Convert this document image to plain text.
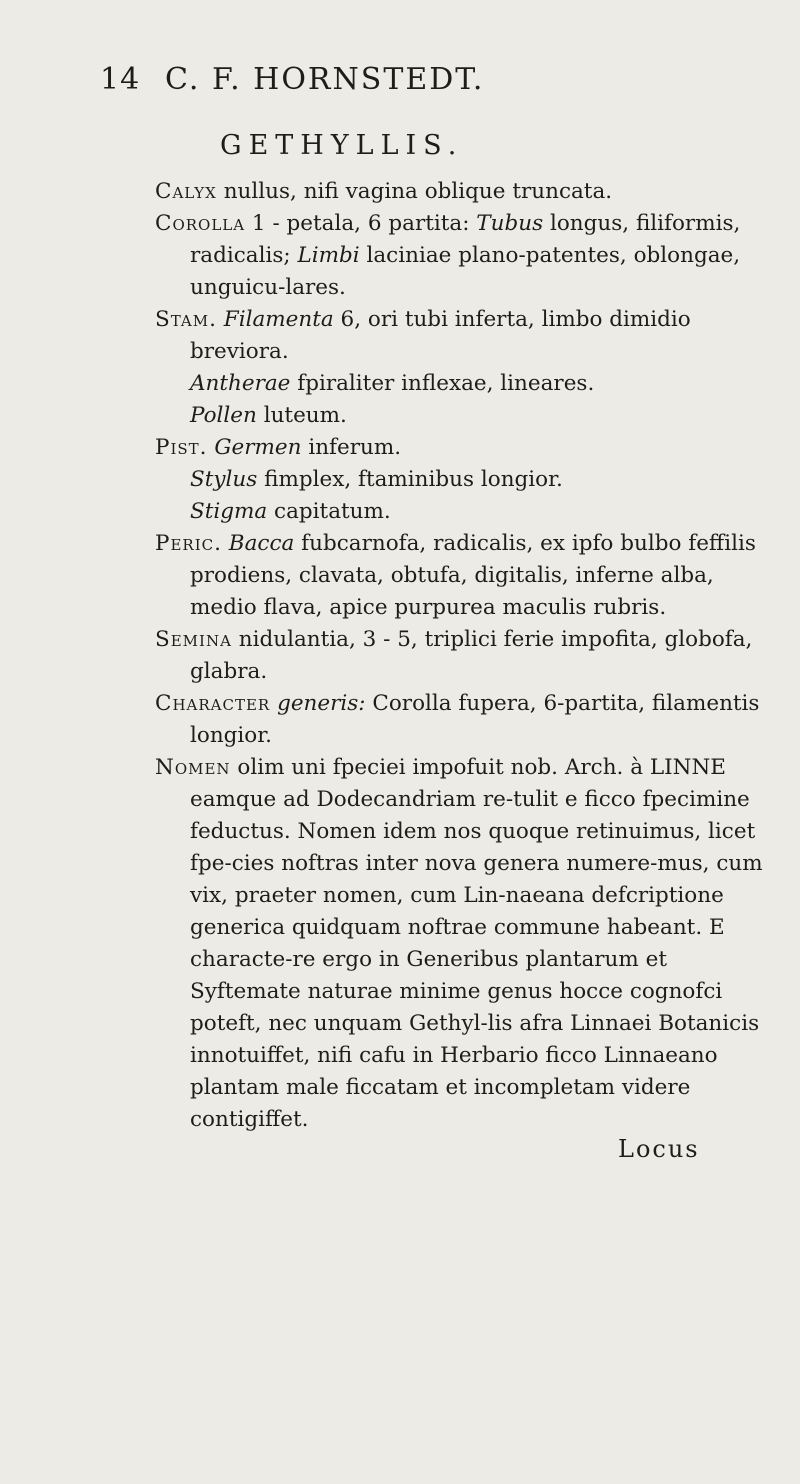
14 C. F. HORNSTEDT.
GETHYLLIS.

Calyx nullus, nifi vagina oblique truncata.

Corolla 1 - petala, 6 partita: Tubus longus, filiformis, radicalis; Limbi laciniae plano-patentes, oblongae, unguicu-lares.

Stam. Filamenta 6, ori tubi inferta, limbo dimidio breviora.

Antherae fpiraliter inflexae, lineares.

Pollen luteum.

Pist. Germen inferum.

Stylus fimplex, ftaminibus longior.

Stigma capitatum.

Peric. Bacca fubcarnofa, radicalis, ex ipfo bulbo feffilis prodiens, clavata, obtufa, digitalis, inferne alba, medio flava, apice purpurea maculis rubris.

Semina nidulantia, 3 - 5, triplici ferie impofita, globofa, glabra.

Character generis: Corolla fupera, 6-partita, filamentis longior.

Nomen olim uni fpeciei impofuit nob. Arch. à LINNE eamque ad Dodecandriam re-tulit e ficco fpecimine feductus. Nomen idem nos quoque retinuimus, licet fpe-cies noftras inter nova genera numere-mus, cum vix, praeter nomen, cum Lin-naeana defcriptione generica quidquam noftrae commune habeant. E characte-re ergo in Generibus plantarum et Syftemate naturae minime genus hocce cognofci poteft, nec unquam Gethyl-lis afra Linnaei Botanicis innotuiffet, nifi cafu in Herbario ficco Linnaeano plantam male ficcatam et incompletam videre contigiffet.

Locus
